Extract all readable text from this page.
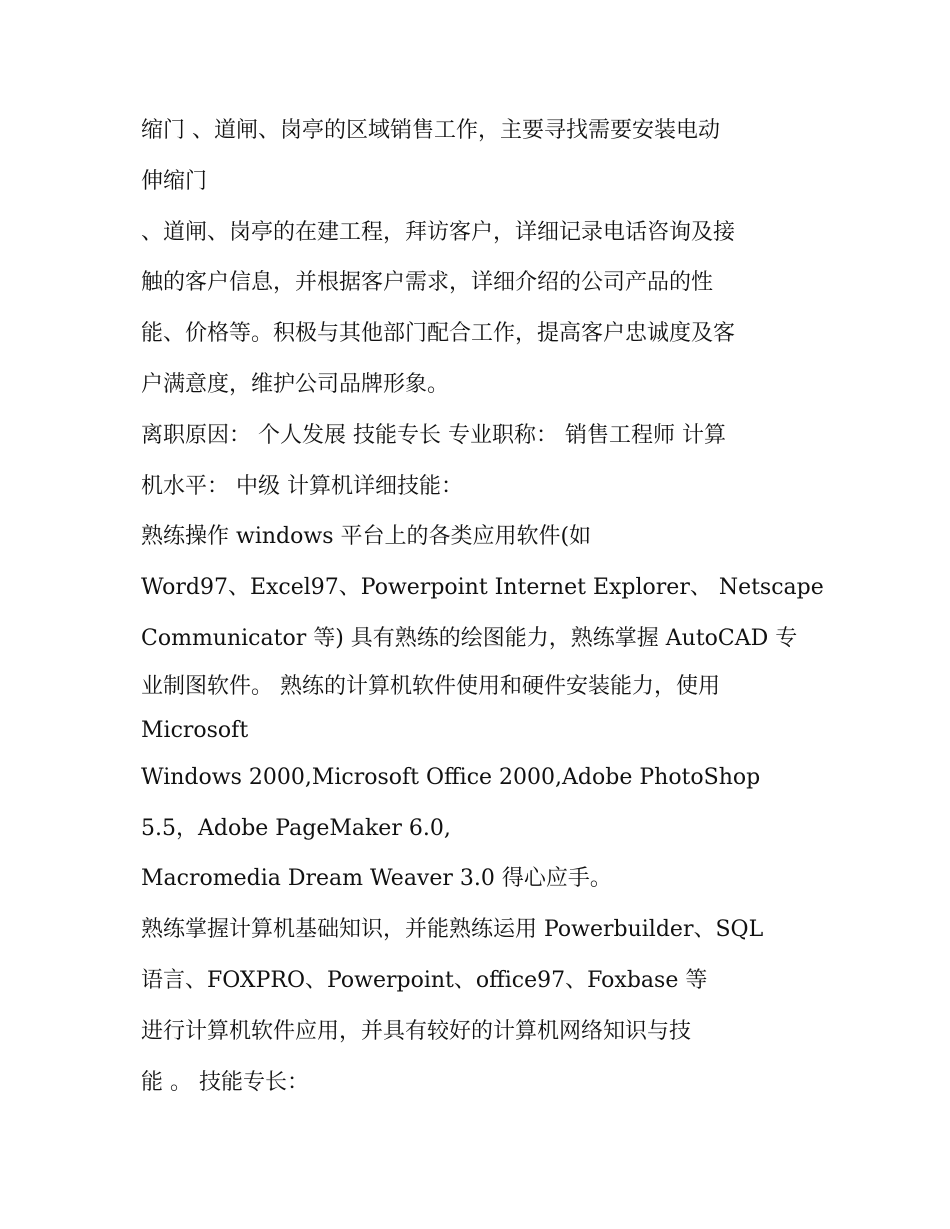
缩门 、道闸、岗亭的区域销售工作，主要寻找需要安装电动
伸缩门
、道闸、岗亭的在建工程，拜访客户，详细记录电话咨询及接
触的客户信息，并根据客户需求，详细介绍的公司产品的性
能、价格等。积极与其他部门配合工作，提高客户忠诚度及客
户满意度，维护公司品牌形象。
离职原因： 个人发展 技能专长 专业职称： 销售工程师 计算
机水平： 中级 计算机详细技能：
熟练操作 windows 平台上的各类应用软件(如
Word97、Excel97、Powerpoint Internet Explorer、 Netscape
Communicator 等) 具有熟练的绘图能力，熟练掌握 AutoCAD 专
业制图软件。 熟练的计算机软件使用和硬件安装能力，使用
Microsoft
Windows 2000,Microsoft Office 2000,Adobe PhotoShop
5.5，Adobe PageMaker 6.0,
Macromedia Dream Weaver 3.0 得心应手。
熟练掌握计算机基础知识，并能熟练运用 Powerbuilder、SQL
语言、FOXPRO、Powerpoint、office97、Foxbase 等
进行计算机软件应用，并具有较好的计算机网络知识与技
能 。 技能专长：
